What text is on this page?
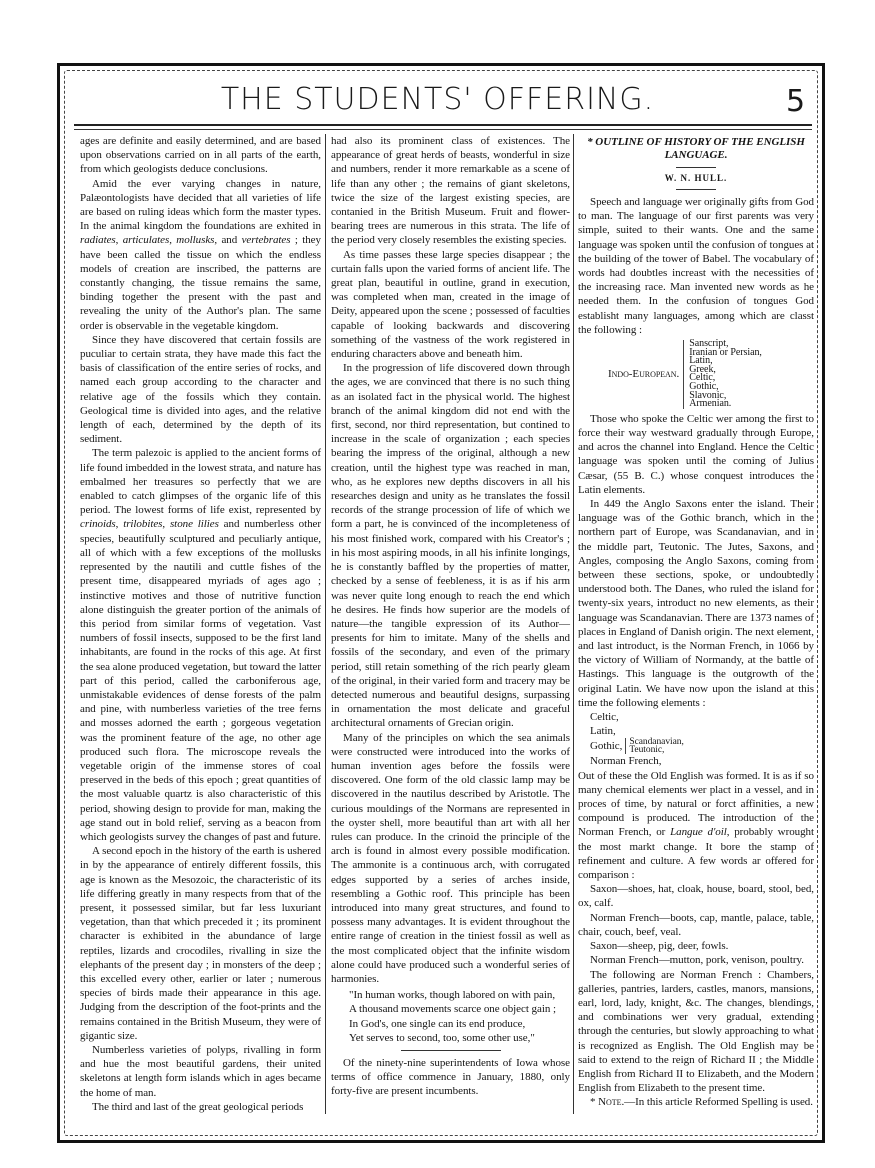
THE STUDENTS' OFFERING.	5

ages are definite and easily determined, and are based upon observations carried on in all parts of the earth, from which geologists deduce conclusions.

Amid the ever varying changes in nature, Palæontologists have decided that all varieties of life are based on ruling ideas which form the master types. In the animal kingdom the foundations are exhited in radiates, articulates, mollusks, and vertebrates ; they have been called the tissue on which the endless models of creation are inscribed, the patterns are constantly changing, the tissue remains the same, binding together the present with the past and revealing the unity of the Author's plan. The same order is observable in the vegetable kingdom.

Since they have discovered that certain fossils are puculiar to certain strata, they have made this fact the basis of classification of the entire series of rocks, and named each group according to the character and relative age of the fossils which they contain. Geological time is divided into ages, and the relative length of each, determined by the depth of its sediment.

The term palezoic is applied to the ancient forms of life found imbedded in the lowest strata, and nature has embalmed her treasures so perfectly that we are enabled to catch glimpses of the organic life of this period. The lowest forms of life exist, represented by crinoids, trilobites, stone lilies and numberless other species, beautifully sculptured and peculiarly antique, all of which with a few exceptions of the mollusks represented by the nautili and cuttle fishes of the present time, disappeared myriads of ages ago ; instinctive motives and those of nutritive function alone distinguish the greater portion of the animals of this period from similar forms of vegetation. Vast numbers of fossil insects, supposed to be the first land inhabitants, are found in the rocks of this age. At first the sea alone produced vegetation, but toward the latter part of this period, called the carboniferous age, unmistakable evidences of dense forests of the palm and pine, with numberless varieties of the tree ferns and mosses adorned the earth ; gorgeous vegetation was the prominent feature of the age, no other age produced such flora. The microscope reveals the vegetable origin of the immense stores of coal preserved in the beds of this epoch ; great quantities of the most valuable quartz is also characteristic of this period, showing design to provide for man, making the age stand out in bold relief, serving as a beacon from which geologists survey the changes of past and future.

A second epoch in the history of the earth is ushered in by the appearance of entirely different fossils, this age is known as the Mesozoic, the characteristic of its life differing greatly in many respects from that of the present, it possessed similar, but far less luxuriant vegetation, than that which preceded it ; its prominent character is exhibited in the abundance of large reptiles, lizards and crocodiles, rivalling in size the elephants of the present day ; in monsters of the deep ; this excelled every other, earlier or later ; numerous species of birds made their appearance in this age. Judging from the description of the foot-prints and the remains contained in the British Museum, they were of gigantic size.

Numberless varieties of polyps, rivalling in form and hue the most beautiful gardens, their united skeletons at length form islands which in ages became the home of man.

The third and last of the great geological periods

had also its prominent class of existences. The appearance of great herds of beasts, wonderful in size and numbers, render it more remarkable as a scene of life than any other ; the remains of giant skeletons, twice the size of the largest existing species, are contanied in the British Museum. Fruit and flower-bearing trees are numerous in this strata. The life of the period very closely resembles the existing species.

As time passes these large species disappear ; the curtain falls upon the varied forms of ancient life. The great plan, beautiful in outline, grand in execution, was completed when man, created in the image of Deity, appeared upon the scene ; possessed of faculties capable of looking backwards and discovering something of the vastness of the work registered in enduring characters above and beneath him.

In the progression of life discovered down through the ages, we are convinced that there is no such thing as an isolated fact in the physical world. The highest branch of the animal kingdom did not end with the first, second, nor third representation, but contined to increase in the scale of organization ; each species bearing the impress of the original, although a new creation, until the highest type was reached in man, who, as he explores new depths discovers in all his researches design and unity as he translates the fossil records of the strange procession of life of which we form a part, he is convinced of the incompleteness of his most finished work, compared with his Creator's ; in his most aspiring moods, in all his infinite longings, he is constantly baffled by the properties of matter, checked by a sense of feebleness, it is as if his arm was never quite long enough to reach the end which he desires. He finds how superior are the models of nature—the tangible expression of its Author—presents for him to imitate. Many of the shells and fossils of the secondary, and even of the primary period, still retain something of the rich pearly gleam of the original, in their varied form and tracery may be detected numerous and beautiful designs, surpassing in ornamentation the most delicate and graceful architectural ornaments of Grecian origin.

Many of the principles on which the sea animals were constructed were introduced into the works of human invention ages before the fossils were discovered. One form of the old classic lamp may be discovered in the nautilus described by Aristotle. The curious mouldings of the Normans are represented in the oyster shell, more beautiful than art with all her rules can produce. In the crinoid the principle of the arch is found in almost every possible modification. The ammonite is a continuous arch, with corrugated edges supported by a series of arches inside, resembling a Gothic roof. This principle has been introduced into many great structures, and found to possess many advantages. It is evident throughout the entire range of creation in the tiniest fossil as well as the most complicated object that the infinite wisdom alone could have produced such a wonderful series of harmonies.

"In human works, though labored on with pain,
A thousand movements scarce one object gain ;
In God's, one single can its end produce,
Yet serves to second, too, some other use,"

Of the ninety-nine superintendents of Iowa whose terms of office commence in January, 1880, only forty-five are present incumbents.

* OUTLINE OF HISTORY OF THE ENGLISH LANGUAGE.
W. N. HULL.

Speech and language wer originally gifts from God to man. The language of our first parents was very simple, suited to their wants. One and the same language was spoken until the confusion of tongues at the building of the tower of Babel. The vocabulary of words had doubtles increast with the necessities of the increasing race. Man invented new words as he needed them. In the confusion of tongues God establisht many languages, among which are classt the following :

Indo-European.
Sanscript,
Iranian or Persian,
Latin,
Greek,
Celtic,
Gothic,
Slavonic,
Armenian.

Those who spoke the Celtic wer among the first to force their way westward gradually through Europe, and acros the channel into England. Hence the Celtic language was spoken until the coming of Julius Cæsar, (55 B. C.) whose conquest introduces the Latin elements.

In 449 the Anglo Saxons enter the island. Their language was of the Gothic branch, which in the northern part of Europe, was Scandanavian, and in the middle part, Teutonic. The Jutes, Saxons, and Angles, composing the Anglo Saxons, coming from between these sections, spoke, or undoubtedly understood both. The Danes, who ruled the island for twenty-six years, introduct no new elements, as their language was Scandanavian. There are 1373 names of places in England of Danish origin. The next element, and last introduct, is the Norman French, in 1066 by the victory of William of Normandy, at the battle of Hastings. This language is the outgrowth of the original Latin. We have now upon the island at this time the following elements :

Celtic,
Latin,
Gothic, Scandanavian,
Teutonic,
Norman French,

Out of these the Old English was formed. It is as if so many chemical elements wer plact in a vessel, and in proces of time, by natural or forct affinities, a new compound is produced. The introduction of the Norman French, or Langue d'oil, probably wrought the most markt change. It bore the stamp of refinement and culture. A few words ar offered for comparison :

Saxon—shoes, hat, cloak, house, board, stool, bed, ox, calf.

Norman French—boots, cap, mantle, palace, table, chair, couch, beef, veal.

Saxon—sheep, pig, deer, fowls.

Norman French—mutton, pork, venison, poultry.

The following are Norman French : Chambers, galleries, pantries, larders, castles, manors, mansions, earl, lord, lady, knight, &c. The changes, blendings, and combinations wer very gradual, extending through the centuries, but slowly approaching to what is recognized as English. The Old English may be said to extend to the reign of Richard II ; the Middle English from Richard II to Elizabeth, and the Modern English from Elizabeth to the present time.

* Note.—In this article Reformed Spelling is used.
